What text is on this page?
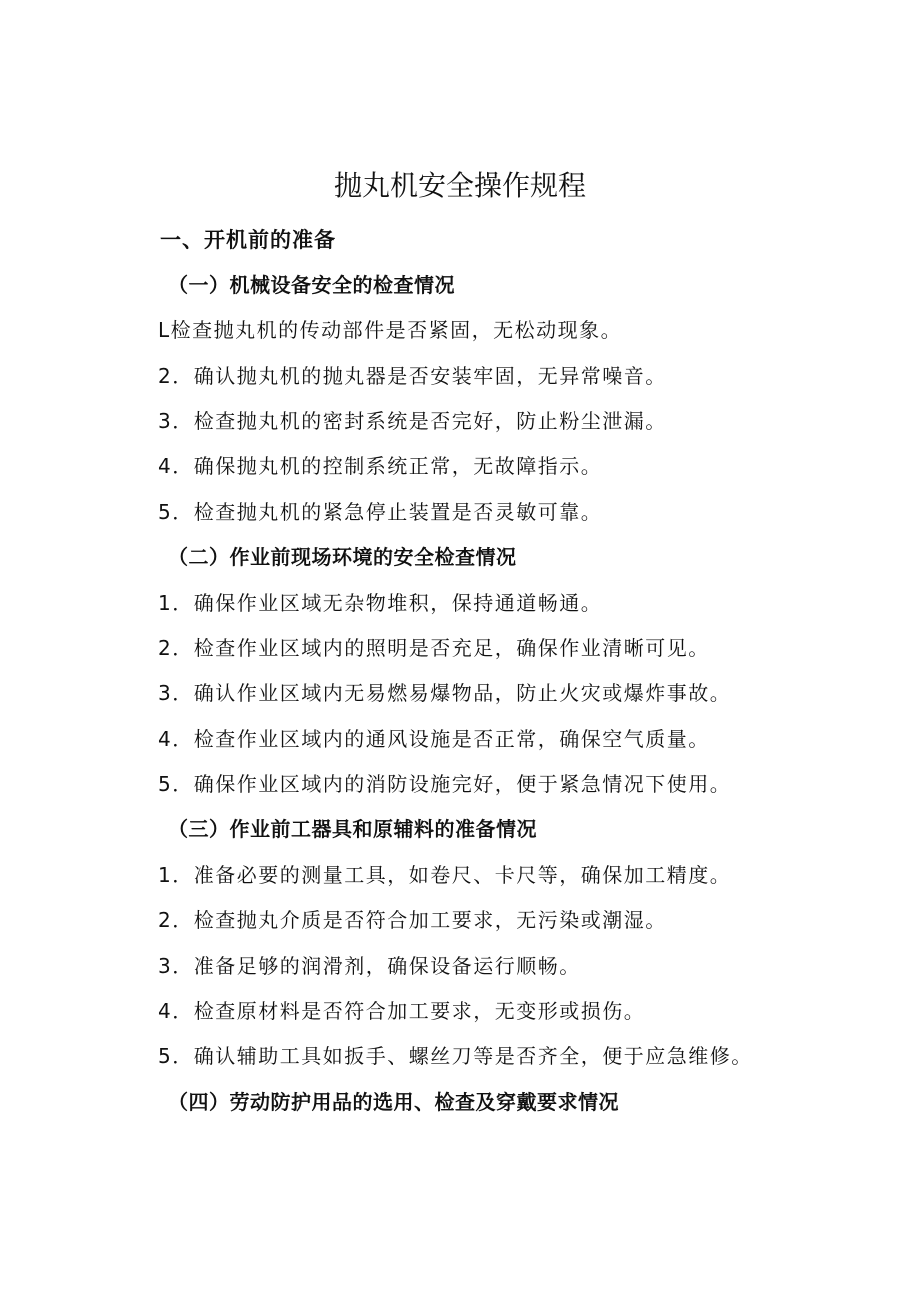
抛丸机安全操作规程

一、开机前的准备

（一）机械设备安全的检查情况

L检查抛丸机的传动部件是否紧固，无松动现象。

2．确认抛丸机的抛丸器是否安装牢固，无异常噪音。

3．检查抛丸机的密封系统是否完好，防止粉尘泄漏。

4．确保抛丸机的控制系统正常，无故障指示。

5．检查抛丸机的紧急停止装置是否灵敏可靠。

（二）作业前现场环境的安全检查情况

1．确保作业区域无杂物堆积，保持通道畅通。

2．检查作业区域内的照明是否充足，确保作业清晰可见。

3．确认作业区域内无易燃易爆物品，防止火灾或爆炸事故。

4．检查作业区域内的通风设施是否正常，确保空气质量。

5．确保作业区域内的消防设施完好，便于紧急情况下使用。

（三）作业前工器具和原辅料的准备情况

1．准备必要的测量工具，如卷尺、卡尺等，确保加工精度。

2．检查抛丸介质是否符合加工要求，无污染或潮湿。

3．准备足够的润滑剂，确保设备运行顺畅。

4．检查原材料是否符合加工要求，无变形或损伤。

5．确认辅助工具如扳手、螺丝刀等是否齐全，便于应急维修。

（四）劳动防护用品的选用、检查及穿戴要求情况
